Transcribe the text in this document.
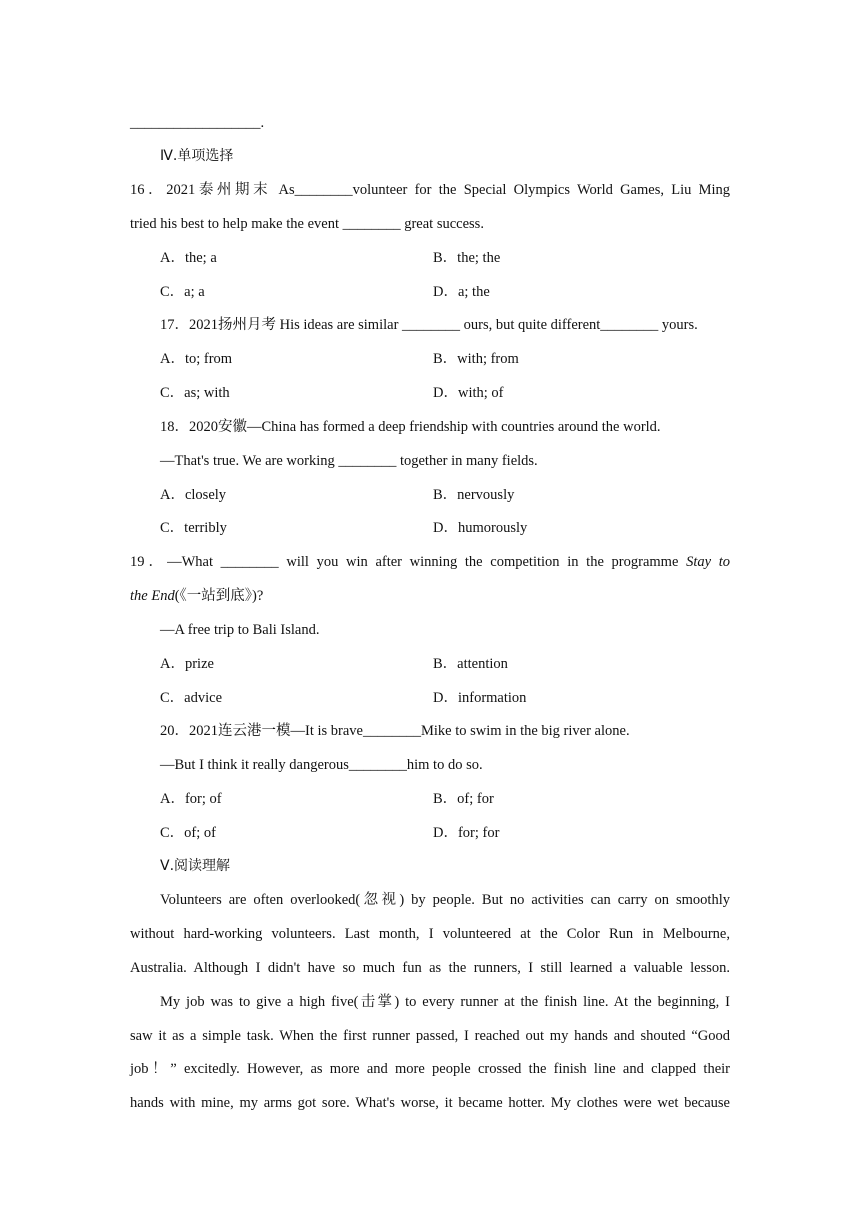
__________________.
Ⅳ.单项选择
16．2021泰州期末 As________volunteer for the Special Olympics World Games, Liu Ming
tried his best to help make the event ________ great success.
A．the; a	B．the; the
C．a; a	D．a; the
17．2021扬州月考 His ideas are similar ________ ours, but quite different________ yours.
A．to; from	B．with; from
C．as; with	D．with; of
18．2020安徽—China has formed a deep friendship with countries around the world.
—That's true. We are working ________ together in many fields.
A．closely	B．nervously
C．terribly	D．humorously
19．—What ________ will you win after winning the competition in the programme Stay to
the End(《一站到底》)?
—A free trip to Bali Island.
A．prize	B．attention
C．advice	D．information
20．2021连云港一模—It is brave________Mike to swim in the big river alone.
—But I think it really dangerous________him to do so.
A．for; of	B．of; for
C．of; of	D．for; for
Ⅴ.阅读理解
Volunteers are often overlooked(忽视) by people. But no activities can carry on smoothly
without hard-working volunteers. Last month, I volunteered at the Color Run in Melbourne,
Australia. Although I didn't have so much fun as the runners, I still learned a valuable lesson.
My job was to give a high five(击掌) to every runner at the finish line. At the beginning, I
saw it as a simple task. When the first runner passed, I reached out my hands and shouted “Good
job！” excitedly. However, as more and more people crossed the finish line and clapped their
hands with mine, my arms got sore. What's worse, it became hotter. My clothes were wet because
